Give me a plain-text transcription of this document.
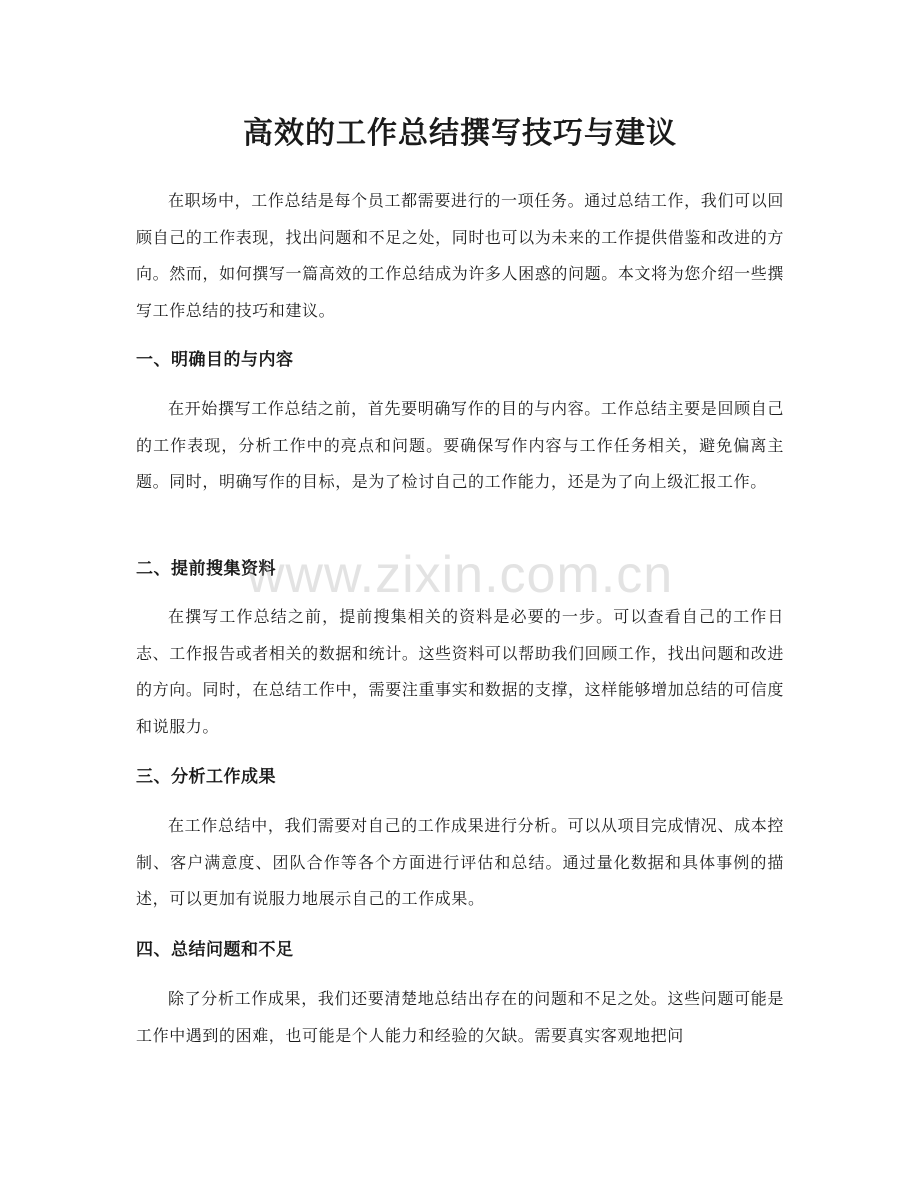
高效的工作总结撰写技巧与建议

在职场中，工作总结是每个员工都需要进行的一项任务。通过总结工作，我们可以回顾自己的工作表现，找出问题和不足之处，同时也可以为未来的工作提供借鉴和改进的方向。然而，如何撰写一篇高效的工作总结成为许多人困惑的问题。本文将为您介绍一些撰写工作总结的技巧和建议。

一、明确目的与内容

在开始撰写工作总结之前，首先要明确写作的目的与内容。工作总结主要是回顾自己的工作表现，分析工作中的亮点和问题。要确保写作内容与工作任务相关，避免偏离主题。同时，明确写作的目标，是为了检讨自己的工作能力，还是为了向上级汇报工作。

二、提前搜集资料

在撰写工作总结之前，提前搜集相关的资料是必要的一步。可以查看自己的工作日志、工作报告或者相关的数据和统计。这些资料可以帮助我们回顾工作，找出问题和改进的方向。同时，在总结工作中，需要注重事实和数据的支撑，这样能够增加总结的可信度和说服力。

三、分析工作成果

在工作总结中，我们需要对自己的工作成果进行分析。可以从项目完成情况、成本控制、客户满意度、团队合作等各个方面进行评估和总结。通过量化数据和具体事例的描述，可以更加有说服力地展示自己的工作成果。

四、总结问题和不足

除了分析工作成果，我们还要清楚地总结出存在的问题和不足之处。这些问题可能是工作中遇到的困难，也可能是个人能力和经验的欠缺。需要真实客观地把问

www.zixin.com.cn
